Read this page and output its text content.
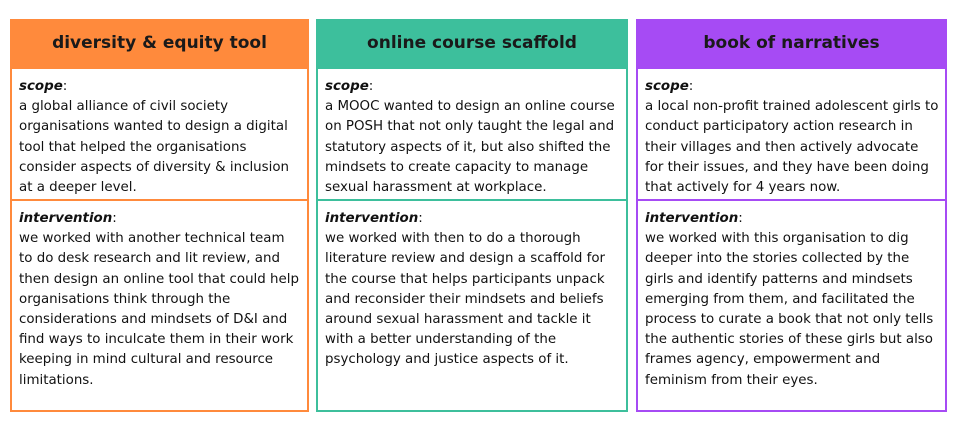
diversity & equity tool
scope:

a global alliance of civil society organisations wanted to design a digital tool that helped the organisations consider aspects of diversity & inclusion at a deeper level.

intervention:

we worked with another technical team to do desk research and lit review, and then design an online tool that could help organisations think through the considerations and mindsets of D&I and find ways to inculcate them in their work keeping in mind cultural and resource limitations.

online course scaffold
scope:

a MOOC wanted to design an online course on POSH that not only taught the legal and statutory aspects of it, but also shifted the mindsets to create capacity to manage sexual harassment at workplace.

intervention:

we worked with then to do a thorough literature review and design a scaffold for the course that helps participants unpack and reconsider their mindsets and beliefs around sexual harassment and tackle it with a better understanding of the psychology and justice aspects of it.

book of narratives
scope:

a local non-profit trained adolescent girls to conduct participatory action research in their villages and then actively advocate for their issues, and they have been doing that actively for 4 years now.

intervention:

we worked with this organisation to dig deeper into the stories collected by the girls and identify patterns and mindsets emerging from them, and facilitated the process to curate a book that not only tells the authentic stories of these girls but also frames agency, empowerment and feminism from their eyes.
